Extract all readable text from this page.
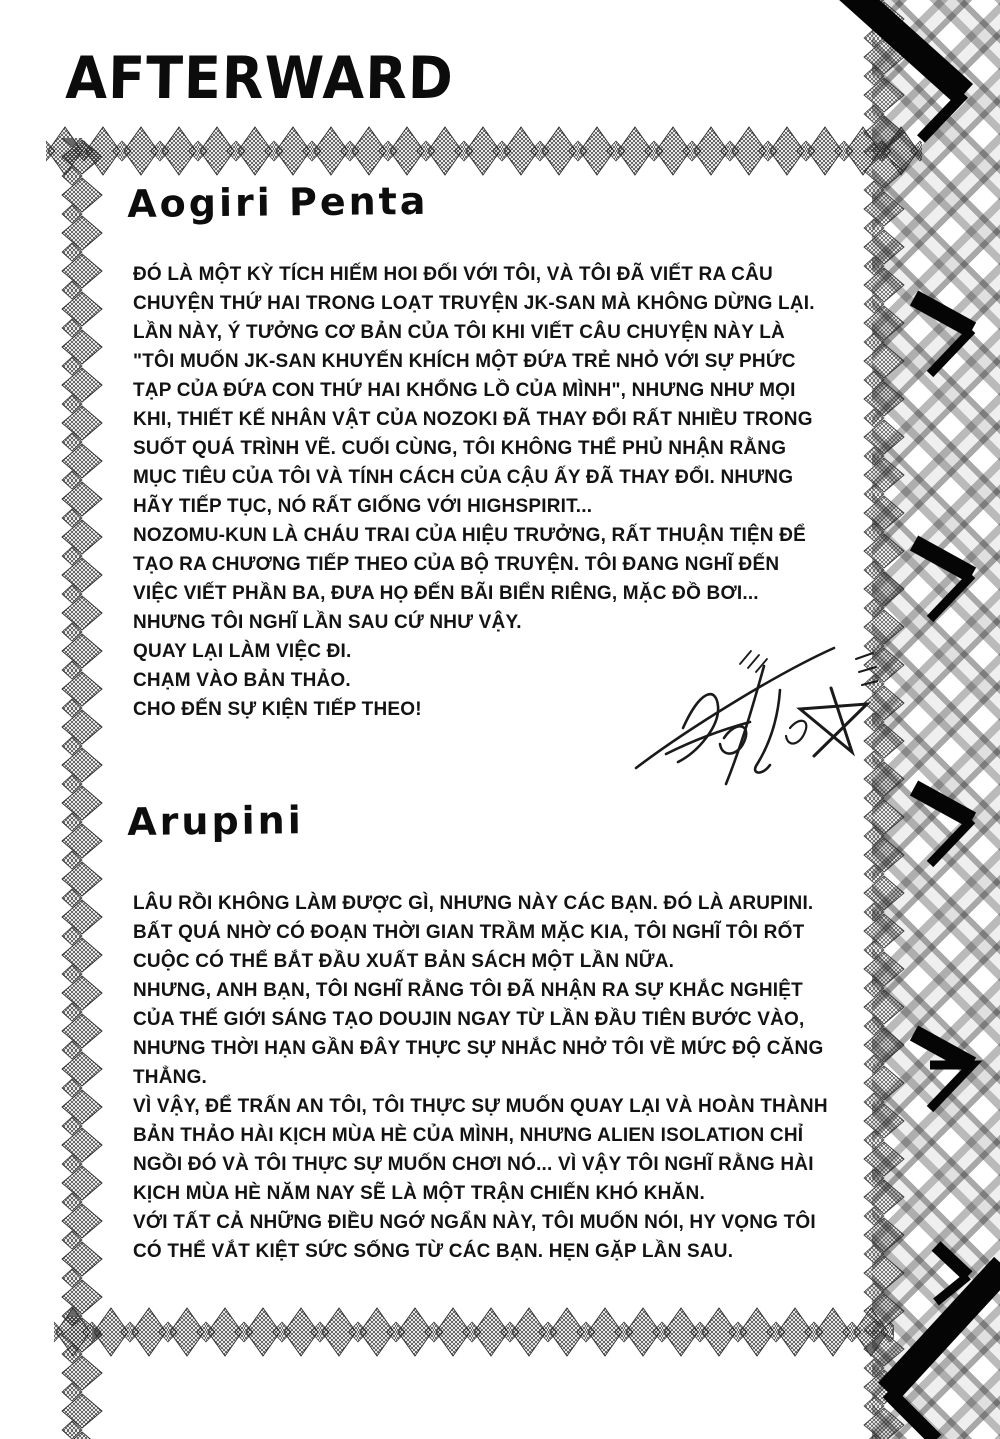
AFTERWARD
Aogiri Penta
ĐÓ LÀ MỘT KỲ TÍCH HIẾM HOI ĐỐI VỚI TÔI, VÀ TÔI ĐÃ VIẾT RA CÂU
CHUYỆN THỨ HAI TRONG LOẠT TRUYỆN JK-SAN MÀ KHÔNG DỪNG LẠI.
LẦN NÀY, Ý TƯỞNG CƠ BẢN CỦA TÔI KHI VIẾT CÂU CHUYỆN NÀY LÀ
"TÔI MUỐN JK-SAN KHUYẾN KHÍCH MỘT ĐỨA TRẺ NHỎ VỚI SỰ PHỨC
TẠP CỦA ĐỨA CON THỨ HAI KHỔNG LỒ CỦA MÌNH", NHƯNG NHƯ MỌI
KHI, THIẾT KẾ NHÂN VẬT CỦA NOZOKI ĐÃ THAY ĐỔI RẤT NHIỀU TRONG
SUỐT QUÁ TRÌNH VẼ. CUỐI CÙNG, TÔI KHÔNG THỂ PHỦ NHẬN RẰNG
MỤC TIÊU CỦA TÔI VÀ TÍNH CÁCH CỦA CẬU ẤY ĐÃ THAY ĐỔI. NHƯNG
HÃY TIẾP TỤC, NÓ RẤT GIỐNG VỚI HIGHSPIRIT...
NOZOMU-KUN LÀ CHÁU TRAI CỦA HIỆU TRƯỞNG, RẤT THUẬN TIỆN ĐỂ
TẠO RA CHƯƠNG TIẾP THEO CỦA BỘ TRUYỆN. TÔI ĐANG NGHĨ ĐẾN
VIỆC VIẾT PHẦN BA, ĐƯA HỌ ĐẾN BÃI BIỂN RIÊNG, MẶC ĐỒ BƠI...
NHƯNG TÔI NGHĨ LẦN SAU CỨ NHƯ VẬY.
QUAY LẠI LÀM VIỆC ĐI.
CHẠM VÀO BẢN THẢO.
CHO ĐẾN SỰ KIỆN TIẾP THEO!
Arupini
LÂU RỒI KHÔNG LÀM ĐƯỢC GÌ, NHƯNG NÀY CÁC BẠN. ĐÓ LÀ ARUPINI.
BẤT QUÁ NHỜ CÓ ĐOẠN THỜI GIAN TRẦM MẶC KIA, TÔI NGHĨ TÔI RỐT
CUỘC CÓ THỂ BẮT ĐẦU XUẤT BẢN SÁCH MỘT LẦN NỮA.
NHƯNG, ANH BẠN, TÔI NGHĨ RẰNG TÔI ĐÃ NHẬN RA SỰ KHẮC NGHIỆT
CỦA THẾ GIỚI SÁNG TẠO DOUJIN NGAY TỪ LẦN ĐẦU TIÊN BƯỚC VÀO,
NHƯNG THỜI HẠN GẦN ĐÂY THỰC SỰ NHẮC NHỞ TÔI VỀ MỨC ĐỘ CĂNG
THẲNG.
VÌ VẬY, ĐỂ TRẤN AN TÔI, TÔI THỰC SỰ MUỐN QUAY LẠI VÀ HOÀN THÀNH
BẢN THẢO HÀI KỊCH MÙA HÈ CỦA MÌNH, NHƯNG ALIEN ISOLATION CHỈ
NGỒI ĐÓ VÀ TÔI THỰC SỰ MUỐN CHƠI NÓ... VÌ VẬY TÔI NGHĨ RẰNG HÀI
KỊCH MÙA HÈ NĂM NAY SẼ LÀ MỘT TRẬN CHIẾN KHÓ KHĂN.
VỚI TẤT CẢ NHỮNG ĐIỀU NGỚ NGẨN NÀY, TÔI MUỐN NÓI, HY VỌNG TÔI
CÓ THỂ VẮT KIỆT SỨC SỐNG TỪ CÁC BẠN. HẸN GẶP LẦN SAU.
